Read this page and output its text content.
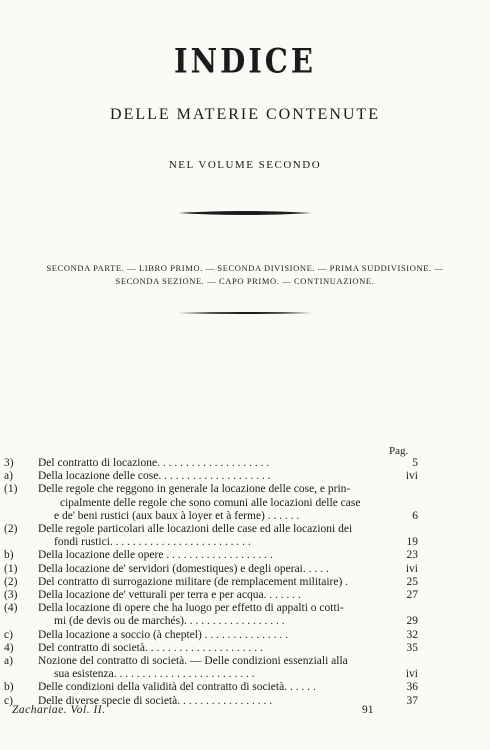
INDICE
DELLE MATERIE CONTENUTE
NEL VOLUME SECONDO
SECONDA PARTE. — LIBRO PRIMO. — SECONDA DIVISIONE. — PRIMA SUDDIVISIONE. —
SECONDA SEZIONE. — CAPO PRIMO. — CONTINUAZIONE.
Pag.
3) Del contratto di locazione. . . . . . . . . . . . . . . . . . . .	5
a) Della locazione delle cose. . . . . . . . . . . . . . . . . . . .	ivi
(1) Delle regole che reggono in generale la locazione delle cose, e prin-
cipalmente delle regole che sono comuni alle locazioni delle case
e de' beni rustici (aux baux à loyer et à ferme) . . . . . .	6
(2) Delle regole particolari alle locazioni delle case ed alle locazioni dei
fondi rustici. . . . . . . . . . . . . . . . . . . . . . . . .	19
b) Della locazione delle opere . . . . . . . . . . . . . . . . . . .	23
(1) Della locazione de' servidori (domestiques) e degli operai. . . . .	ivi
(2) Del contratto di surrogazione militare (de remplacement militaire) .	25
(3) Della locazione de' vetturali per terra e per acqua. . . . . . .	27
(4) Della locazione di opere che ha luogo per effetto di appalti o cotti-
mi (de devis ou de marchés). . . . . . . . . . . . . . . . . .	29
c) Della locazione a soccio (à cheptel) . . . . . . . . . . . . . . .	32
4) Del contratto di società. . . . . . . . . . . . . . . . . . . . .	35
a) Nozione del contratto di società. — Delle condizioni essenziali alla
sua esistenza. . . . . . . . . . . . . . . . . . . . . . . . .	ivi
b) Delle condizioni della validità del contratto di società. . . . . .	36
c) Delle diverse specie di società. . . . . . . . . . . . . . . . .	37
Zachariae. Vol. II.	91
